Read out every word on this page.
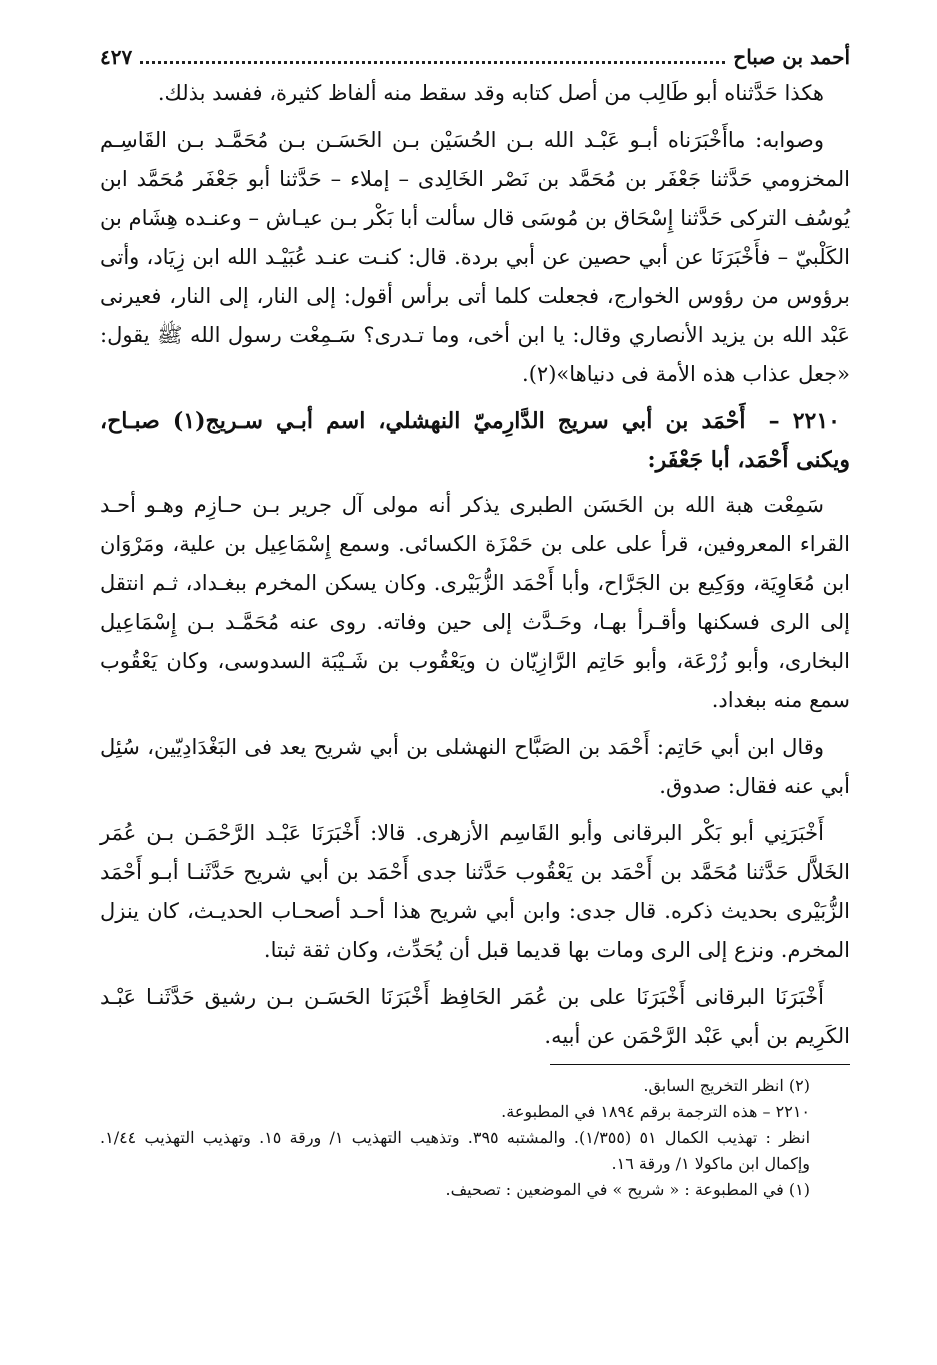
أحمد بن صباح
٤٢٧

هكذا حَدَّثناه أبو طَالِب من أصل كتابه وقد سقط منه ألفاظ كثيرة، ففسد بذلك.

وصوابه: ماأَخْبَرَناه أبـو عَبْـد الله بـن الحُسَيْن بـن الحَسَـن بـن مُحَمَّـد بـن القَاسِـم المخزومي حَدَّثنا جَعْفَر بن مُحَمَّد بن نَصْر الخَالِدى – إملاء – حَدَّثنا أبو جَعْفَر مُحَمَّد ابن يُوسُف التركى حَدَّثنا إِسْحَاق بن مُوسَى قال سألت أبا بَكْر بـن عيـاش – وعنـده هِشَام بن الكَلْبيّ – فأَخْبَرَنَا عن أبي حصين عن أبي بردة. قال: كنـت عنـد عُبَيْـد الله ابن زِيَاد، وأتى برؤوس من رؤوس الخوارج، فجعلت كلما أتى برأس أقول: إلى النار، إلى النار، فعيرنى عَبْد الله بن يزيد الأنصاري وقال: يا ابن أخى، وما تـدرى؟ سَـمِعْت رسول الله ﷺ يقول: «جعل عذاب هذه الأمة فى دنياها»(٢).

٢٢١٠ – أَحْمَد بن أبي سريج الدَّارِميّ النهشلي، اسم أبـي سـريج(١) صبـاح، ويكنى أَحْمَد، أبا جَعْفَر:

سَمِعْت هبة الله بن الحَسَن الطبرى يذكر أنه مولى آل جرير بـن حـازِم وهـو أحـد القراء المعروفين، قرأ على على بن حَمْزَة الكسائى. وسمع إِسْمَاعِيل بن علية، ومَرْوَان ابن مُعَاوِيَة، ووَكِيع بن الجَرَّاح، وأبا أَحْمَد الزُّبَيْرى. وكان يسكن المخرم ببغـداد، ثـم انتقل إلى الرى فسكنها وأقـرأ بهـا، وحَـدَّث إلى حين وفاته. روى عنه مُحَمَّـد بـن إِسْمَاعِيل البخارى، وأبو زُرْعَة، وأبو حَاتِم الرَّازِيّان ن ويَعْقُوب بن شَـيْبَة السدوسى، وكان يَعْقُوب سمع منه ببغداد.

وقال ابن أبي حَاتِم: أَحْمَد بن الصَبَّاح النهشلى بن أبي شريح يعد فى البَغْدَادِيّين، سُئِل أبي عنه فقال: صدوق.

أَخْبَرَنِي أبو بَكْر البرقانى وأبو القَاسِم الأزهرى. قالا: أَخْبَرَنَا عَبْـد الرَّحْمَـن بـن عُمَر الخَلاَّل حَدَّثنا مُحَمَّد بن أَحْمَد بن يَعْقُوب حَدَّثنا جدى أَحْمَد بن أبي شريح حَدَّثَنـا أبـو أَحْمَد الزُّبَيْرى بحديث ذكره. قال جدى: وابن أبي شريح هذا أحـد أصحـاب الحديـث، كان ينزل المخرم. ونزع إلى الرى ومات بها قديما قبل أن يُحَدِّث، وكان ثقة ثبتا.

أَخْبَرَنَا البرقانى أَخْبَرَنَا على بن عُمَر الحَافِظ أَخْبَرَنَا الحَسَـن بـن رشيق حَدَّثَنـا عَبْـد الكَرِيم بن أبي عَبْد الرَّحْمَن عن أبيه.

(٢) انظر التخريج السابق.

٢٢١٠ – هذه الترجمة برقم ١٨٩٤ في المطبوعة.

انظر : تهذيب الكمال ٥١ (١/٣٥٥). والمشتبه ٣٩٥. وتذهيب التهذيب ١/ ورقة ١٥. وتهذيب التهذيب ١/٤٤. وإكمال ابن ماكولا ١/ ورقة ١٦.

(١) في المطبوعة : « شريح » في الموضعين : تصحيف.
